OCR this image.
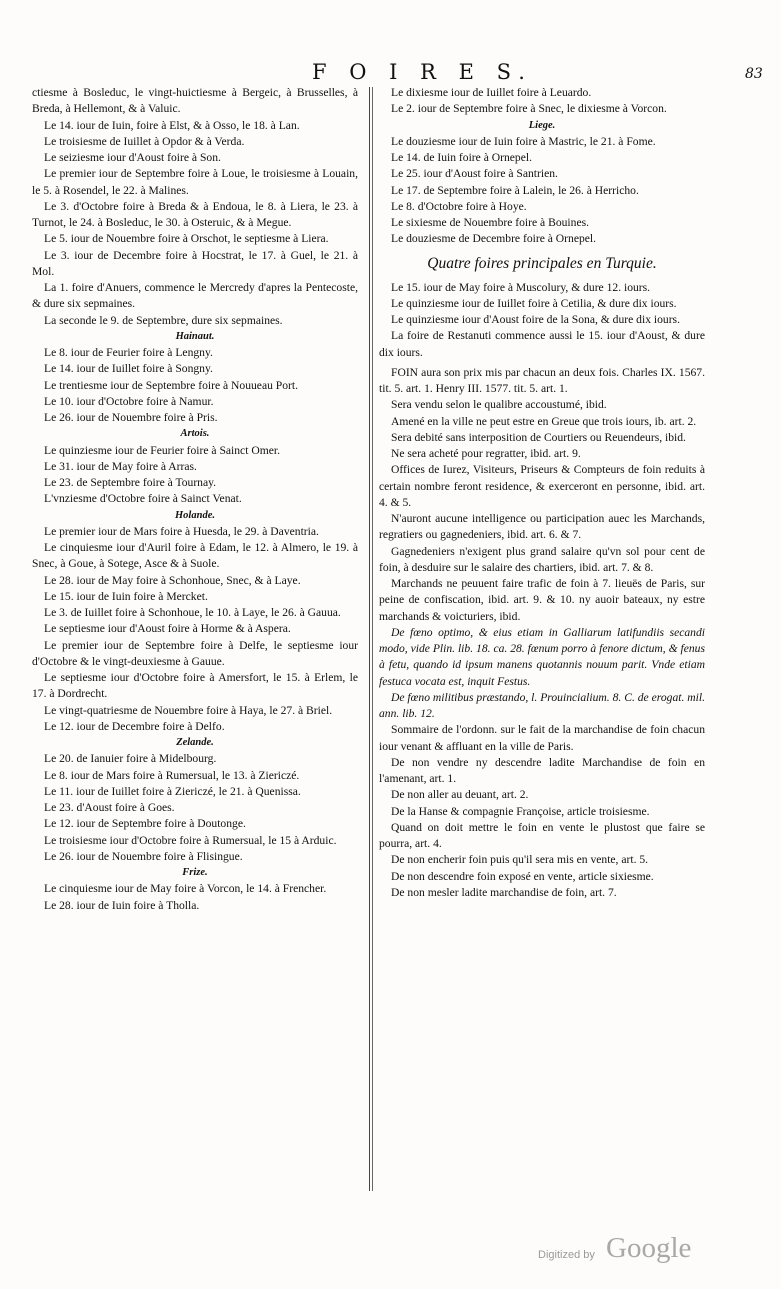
F O I R E S.	83

ctiesme à Bosleduc, le vingt-huictiesme à Bergeic, à Brusselles, à Breda, à Hellemont, & à Valuic.

Le 14. iour de Iuin, foire à Elst, & à Osso, le 18. à Lan.

Le troisiesme de Iuillet à Opdor & à Verda.

Le seiziesme iour d'Aoust foire à Son.

Le premier iour de Septembre foire à Loue, le troisiesme à Louain, le 5. à Rosendel, le 22. à Malines.

Le 3. d'Octobre foire à Breda & à Endoua, le 8. à Liera, le 23. à Turnot, le 24. à Bosleduc, le 30. à Osteruic, & à Megue.

Le 5. iour de Nouembre foire à Orschot, le septiesme à Liera.

Le 3. iour de Decembre foire à Hocstrat, le 17. à Guel, le 21. à Mol.

La 1. foire d'Anuers, commence le Mercredy d'apres la Pentecoste, & dure six sepmaines.

La seconde le 9. de Septembre, dure six sepmaines.

Hainaut.

Le 8. iour de Feurier foire à Lengny.

Le 14. iour de Iuillet foire à Songny.

Le trentiesme iour de Septembre foire à Nouueau Port.

Le 10. iour d'Octobre foire à Namur.

Le 26. iour de Nouembre foire à Pris.

Artois.

Le quinziesme iour de Feurier foire à Sainct Omer.

Le 31. iour de May foire à Arras.

Le 23. de Septembre foire à Tournay.

L'vnziesme d'Octobre foire à Sainct Venat.

Holande.

Le premier iour de Mars foire à Huesda, le 29. à Daventria.

Le cinquiesme iour d'Auril foire à Edam, le 12. à Almero, le 19. à Snec, à Goue, à Sotege, Asce & à Suole.

Le 28. iour de May foire à Schonhoue, Snec, & à Laye.

Le 15. iour de Iuin foire à Mercket.

Le 3. de Iuillet foire à Schonhoue, le 10. à Laye, le 26. à Gauua.

Le septiesme iour d'Aoust foire à Horme & à Aspera.

Le premier iour de Septembre foire à Delfe, le septiesme iour d'Octobre & le vingt-deuxiesme à Gauue.

Le septiesme iour d'Octobre foire à Amersfort, le 15. à Erlem, le 17. à Dordrecht.

Le vingt-quatriesme de Nouembre foire à Haya, le 27. à Briel.

Le 12. iour de Decembre foire à Delfo.

Zelande.

Le 20. de Ianuier foire à Midelbourg.

Le 8. iour de Mars foire à Rumersual, le 13. à Ziericzé.

Le 11. iour de Iuillet foire à Ziericzé, le 21. à Quenissa.

Le 23. d'Aoust foire à Goes.

Le 12. iour de Septembre foire à Doutonge.

Le troisiesme iour d'Octobre foire à Rumersual, le 15 à Arduic.

Le 26. iour de Nouembre foire à Flisingue.

Frize.

Le cinquiesme iour de May foire à Vorcon, le 14. à Frencher.

Le 28. iour de Iuin foire à Tholla.

Le dixiesme iour de Iuillet foire à Leuardo.

Le 2. iour de Septembre foire à Snec, le dixiesme à Vorcon.

Liege.

Le douziesme iour de Iuin foire à Mastric, le 21. à Fome.

Le 14. de Iuin foire à Ornepel.

Le 25. iour d'Aoust foire à Santrien.

Le 17. de Septembre foire à Lalein, le 26. à Herricho.

Le 8. d'Octobre foire à Hoye.

Le sixiesme de Nouembre foire à Bouines.

Le douziesme de Decembre foire à Ornepel.

Quatre foires principales en Turquie.

Le 15. iour de May foire à Muscolury, & dure 12. iours.

Le quinziesme iour de Iuillet foire à Cetilia, & dure dix iours.

Le quinziesme iour d'Aoust foire de la Sona, & dure dix iours.

La foire de Restanuti commence aussi le 15. iour d'Aoust, & dure dix iours.

FOIN aura son prix mis par chacun an deux fois. Charles IX. 1567. tit. 5. art. 1. Henry III. 1577. tit. 5. art. 1.

Sera vendu selon le qualibre accoustumé, ibid.

Amené en la ville ne peut estre en Greue que trois iours, ib. art. 2.

Sera debité sans interposition de Courtiers ou Reuendeurs, ibid.

Ne sera acheté pour regratter, ibid. art. 9.

Offices de Iurez, Visiteurs, Priseurs & Compteurs de foin reduits à certain nombre feront residence, & exerceront en personne, ibid. art. 4. & 5.

N'auront aucune intelligence ou participation auec les Marchands, regratiers ou gagnedeniers, ibid. art. 6. & 7.

Gagnedeniers n'exigent plus grand salaire qu'vn sol pour cent de foin, à desduire sur le salaire des chartiers, ibid. art. 7. & 8.

Marchands ne peuuent faire trafic de foin à 7. lieuës de Paris, sur peine de confiscation, ibid. art. 9. & 10. ny auoir bateaux, ny estre marchands & voicturiers, ibid.

De fœno optimo, & eius etiam in Galliarum latifundiis secandi modo, vide Plin. lib. 18. ca. 28. fœnum porro à fenore dictum, & fenus à fetu, quando id ipsum manens quotannis nouum parit. Vnde etiam festuca vocata est, inquit Festus.

De fœno militibus præstando, l. Prouincialium. 8. C. de erogat. mil. ann. lib. 12.

Sommaire de l'ordonn. sur le fait de la marchandise de foin chacun iour venant & affluant en la ville de Paris.

De non vendre ny descendre ladite Marchandise de foin en l'amenant, art. 1.

De non aller au deuant, art. 2.

De la Hanse & compagnie Françoise, article troisiesme.

Quand on doit mettre le foin en vente le plustost que faire se pourra, art. 4.

De non encherir foin puis qu'il sera mis en vente, art. 5.

De non descendre foin exposé en vente, article sixiesme.

De non mesler ladite marchandise de foin, art. 7.

Digitized by Google
